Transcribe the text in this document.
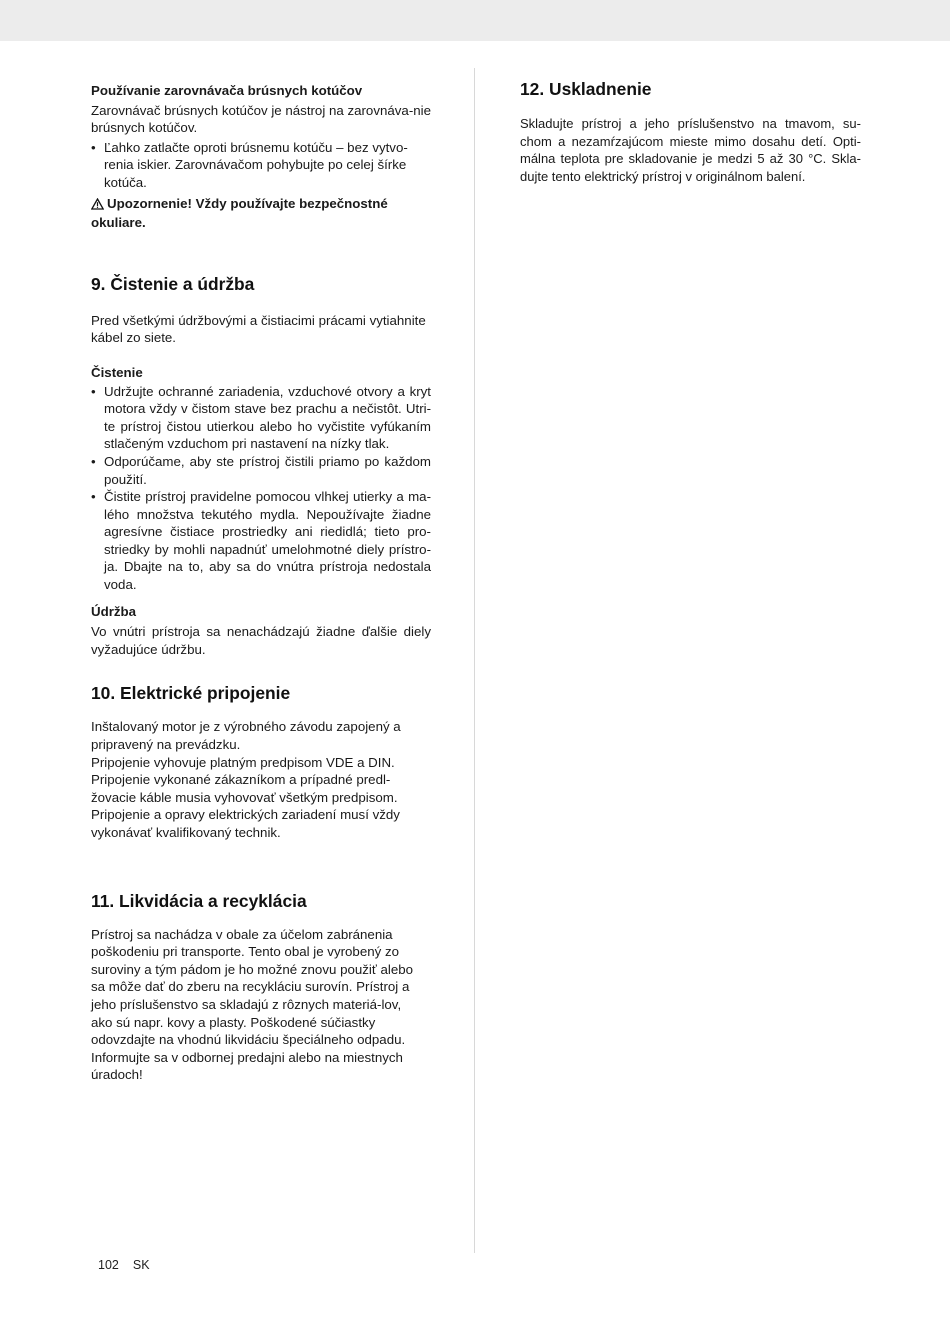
Používanie zarovnávača brúsnych kotúčov
Zarovnávač brúsnych kotúčov je nástroj na zarovnáva-nie brúsnych kotúčov.
• Ľahko zatlačte oproti brúsnemu kotúču – bez vytvo-renia iskier. Zarovnávačom pohybujte po celej šírke kotúča.
Upozornenie! Vždy používajte bezpečnostné okuliare.
9. Čistenie a údržba
Pred všetkými údržbovými a čistiacimi prácami vytiahnite kábel zo siete.
Čistenie
• Udržujte ochranné zariadenia, vzduchové otvory a kryt motora vždy v čistom stave bez prachu a nečistôt. Utri-te prístroj čistou utierkou alebo ho vyčistite vyfúkaním stlačeným vzduchom pri nastavení na nízky tlak.
• Odporúčame, aby ste prístroj čistili priamo po každom použití.
• Čistite prístroj pravidelne pomocou vlhkej utierky a ma-lého množstva tekutého mydla. Nepoužívajte žiadne agresívne čistiace prostriedky ani riedidlá; tieto pro-striedky by mohli napadnúť umelohmotné diely prístro-ja. Dbajte na to, aby sa do vnútra prístroja nedostala voda.
Údržba
Vo vnútri prístroja sa nenachádzajú žiadne ďalšie diely vyžadujúce údržbu.
10. Elektrické pripojenie
Inštalovaný motor je z výrobného závodu zapojený a pripravený na prevádzku.
Pripojenie vyhovuje platným predpisom VDE a DIN.
Pripojenie vykonané zákazníkom a prípadné predl-žovacie káble musia vyhovovať všetkým predpisom.
Pripojenie a opravy elektrických zariadení musí vždy vykonávať kvalifikovaný technik.
11. Likvidácia a recyklácia
Prístroj sa nachádza v obale za účelom zabránenia poškodeniu pri transporte. Tento obal je vyrobený zo suroviny a tým pádom je ho možné znovu použiť alebo sa môže dať do zberu na recykláciu surovín. Prístroj a jeho príslušenstvo sa skladajú z rôznych materiá-lov, ako sú napr. kovy a plasty. Poškodené súčiastky odovzdajte na vhodnú likvidáciu špeciálneho odpadu. Informujte sa v odbornej predajni alebo na miestnych úradoch!
12. Uskladnenie
Skladujte prístroj a jeho príslušenstvo na tmavom, su-chom a nezamŕzajúcom mieste mimo dosahu detí. Opti-málna teplota pre skladovanie je medzi 5 až 30 °C. Skla-dujte tento elektrický prístroj v originálnom balení.
102 SK
